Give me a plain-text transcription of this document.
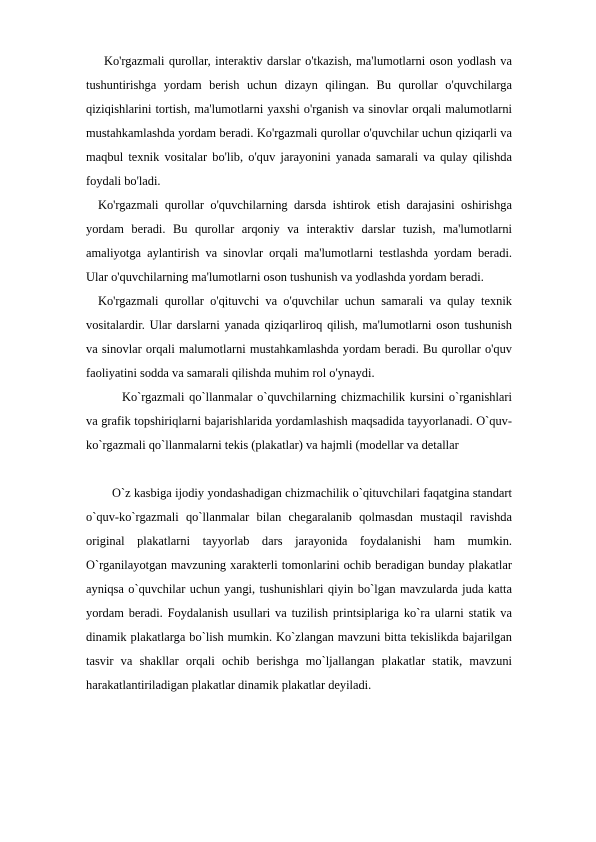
Ko'rgazmali qurollar, interaktiv darslar o'tkazish, ma'lumotlarni oson yodlash va tushuntirishga yordam berish uchun dizayn qilingan. Bu qurollar o'quvchilarga qiziqishlarini tortish, ma'lumotlarni yaxshi o'rganish va sinovlar orqali malumotlarni mustahkamlashda yordam beradi. Ko'rgazmali qurollar o'quvchilar uchun qiziqarli va maqbul texnik vositalar bo'lib, o'quv jarayonini yanada samarali va qulay qilishda foydali bo'ladi.

Ko'rgazmali qurollar o'quvchilarning darsda ishtirok etish darajasini oshirishga yordam beradi. Bu qurollar arqoniy va interaktiv darslar tuzish, ma'lumotlarni amaliyotga aylantirish va sinovlar orqali ma'lumotlarni testlashda yordam beradi. Ular o'quvchilarning ma'lumotlarni oson tushunish va yodlashda yordam beradi.

Ko'rgazmali qurollar o'qituvchi va o'quvchilar uchun samarali va qulay texnik vositalardir. Ular darslarni yanada qiziqarliroq qilish, ma'lumotlarni oson tushunish va sinovlar orqali malumotlarni mustahkamlashda yordam beradi. Bu qurollar o'quv faoliyatini sodda va samarali qilishda muhim rol o'ynaydi.

Ko`rgazmali qo`llanmalar o`quvchilarning chizmachilik kursini o`rganishlari va grafik topshiriqlarni bajarishlarida yordamlashish maqsadida tayyorlanadi. O`quv-ko`rgazmali qo`llanmalarni tekis (plakatlar) va hajmli (modellar va detallar

O`z kasbiga ijodiy yondashadigan chizmachilik o`qituvchilari faqatgina standart o`quv-ko`rgazmali qo`llanmalar bilan chegaralanib qolmasdan mustaqil ravishda original plakatlarni tayyorlab dars jarayonida foydalanishi ham mumkin. O`rganilayotgan mavzuning xarakterli tomonlarini ochib beradigan bunday plakatlar ayniqsa o`quvchilar uchun yangi, tushunishlari qiyin bo`lgan mavzularda juda katta yordam beradi. Foydalanish usullari va tuzilish printsiplariga ko`ra ularni statik va dinamik plakatlarga bo`lish mumkin. Ko`zlangan mavzuni bitta tekislikda bajarilgan tasvir va shakllar orqali ochib berishga mo`ljallangan plakatlar statik, mavzuni harakatlantiriladigan plakatlar dinamik plakatlar deyiladi.
